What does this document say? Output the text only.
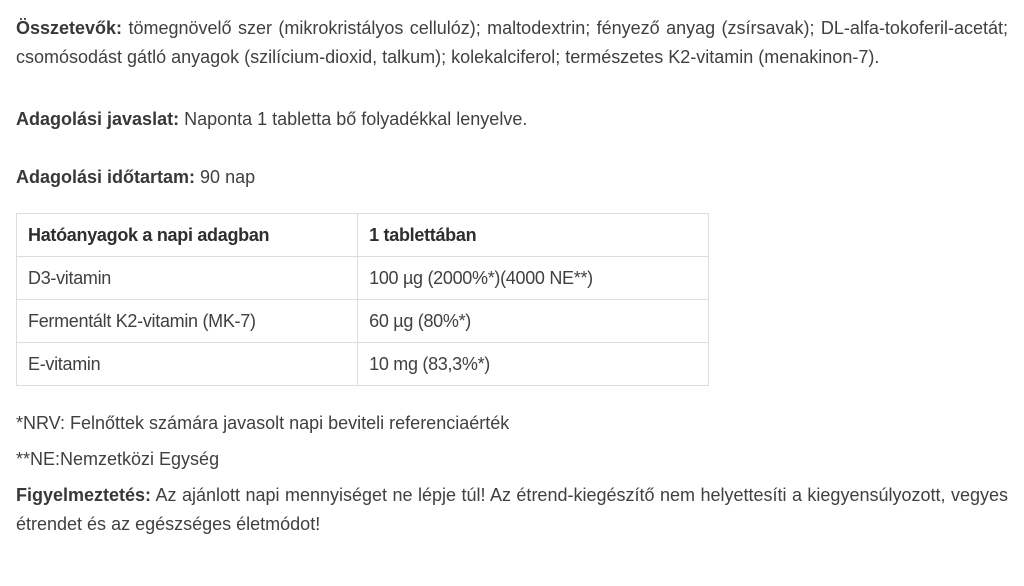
Összetevők: tömegnövelő szer (mikrokristályos cellulóz); maltodextrin; fényező anyag (zsírsavak); DL-alfa-tokoferil-acetát; csomósodást gátló anyagok (szilícium-dioxid, talkum); kolekalciferol; természetes K2-vitamin (menakinon-7).

Adagolási javaslat: Naponta 1 tabletta bő folyadékkal lenyelve.

Adagolási időtartam: 90 nap

Hatóanyagok a napi adagban	1 tablettában
D3-vitamin	100 µg (2000%*)(4000 NE**)
Fermentált K2-vitamin (MK-7)	60 µg (80%*)
E-vitamin	10 mg (83,3%*)

*NRV: Felnőttek számára javasolt napi beviteli referenciaérték

**NE:Nemzetközi Egység

Figyelmeztetés: Az ajánlott napi mennyiséget ne lépje túl! Az étrend-kiegészítő nem helyettesíti a kiegyensúlyozott, vegyes étrendet és az egészséges életmódot!
